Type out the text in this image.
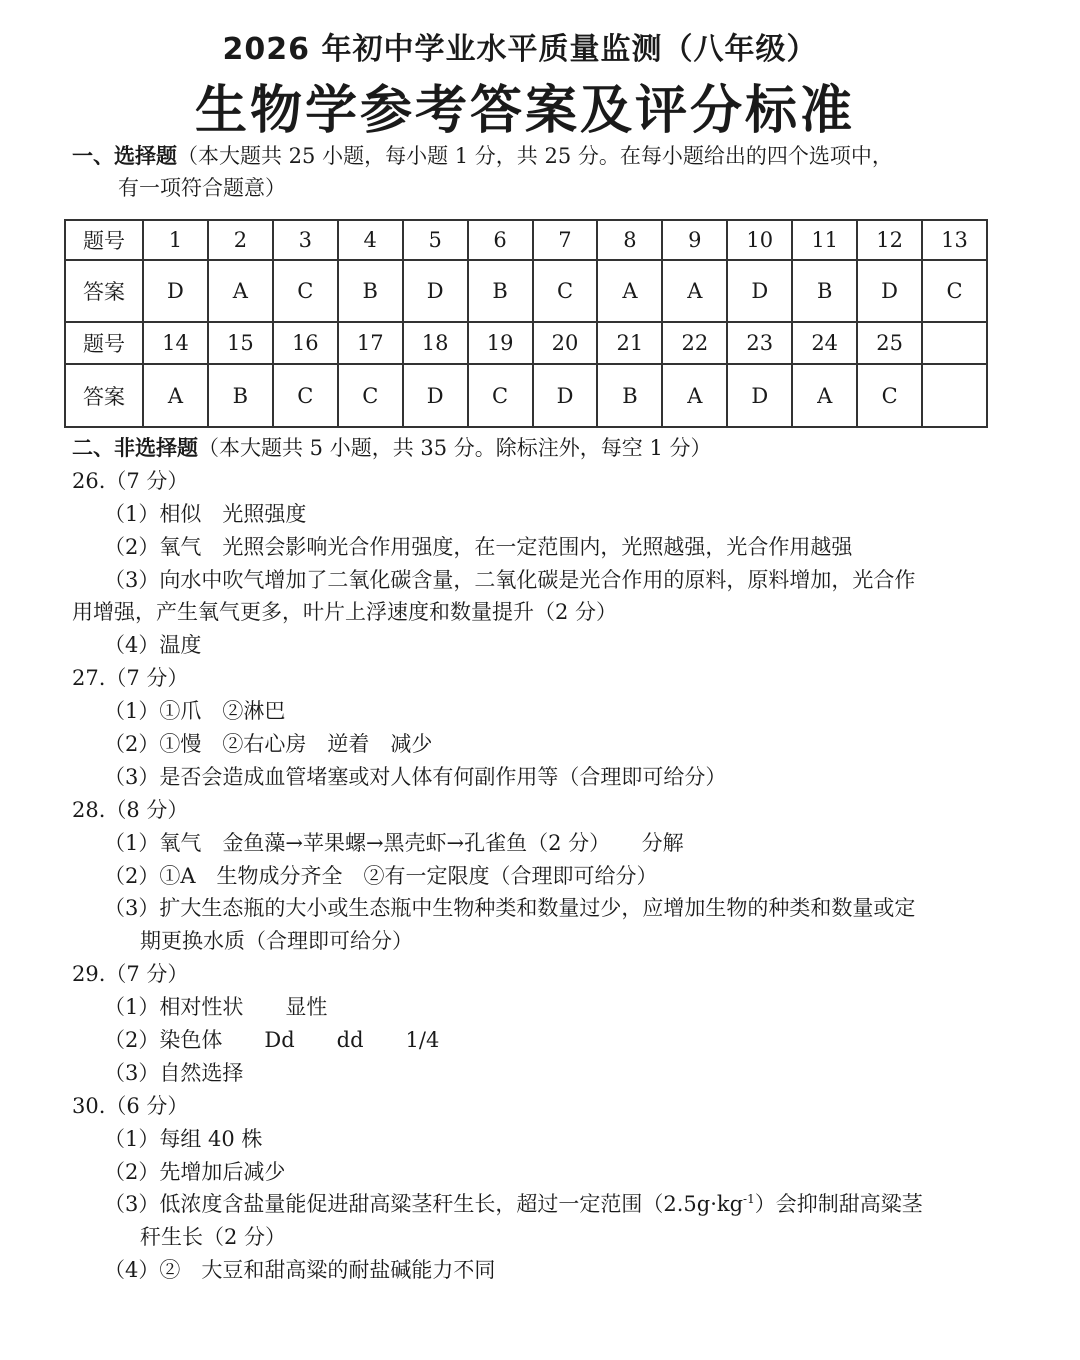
2026 年初中学业水平质量监测（八年级）
生物学参考答案及评分标准
一、选择题（本大题共 25 小题，每小题 1 分，共 25 分。在每小题给出的四个选项中，
有一项符合题意）
题号	1	2	3	4	5	6	7	8	9	10	11	12	13
答案	D	A	C	B	D	B	C	A	A	D	B	D	C
题号	14	15	16	17	18	19	20	21	22	23	24	25	
答案	A	B	C	C	D	C	D	B	A	D	A	C	
二、非选择题（本大题共 5 小题，共 35 分。除标注外，每空 1 分）
26.（7 分）
（1）相似　光照强度
（2）氧气　光照会影响光合作用强度，在一定范围内，光照越强，光合作用越强
（3）向水中吹气增加了二氧化碳含量，二氧化碳是光合作用的原料，原料增加，光合作
用增强，产生氧气更多，叶片上浮速度和数量提升（2 分）
（4）温度
27.（7 分）
（1）①爪　②淋巴
（2）①慢　②右心房　逆着　减少
（3）是否会造成血管堵塞或对人体有何副作用等（合理即可给分）
28.（8 分）
（1）氧气　金鱼藻→苹果螺→黑壳虾→孔雀鱼（2 分）　　分解
（2）①A　生物成分齐全　②有一定限度（合理即可给分）
（3）扩大生态瓶的大小或生态瓶中生物种类和数量过少，应增加生物的种类和数量或定
期更换水质（合理即可给分）
29.（7 分）
（1）相对性状　　显性
（2）染色体　　Dd　　dd　　1/4
（3）自然选择
30.（6 分）
（1）每组 40 株
（2）先增加后减少
（3）低浓度含盐量能促进甜高粱茎秆生长，超过一定范围$(2.5g\cdot kg^{-1})$会抑制甜高粱茎
秆生长（2 分）
（4）②　大豆和甜高粱的耐盐碱能力不同
